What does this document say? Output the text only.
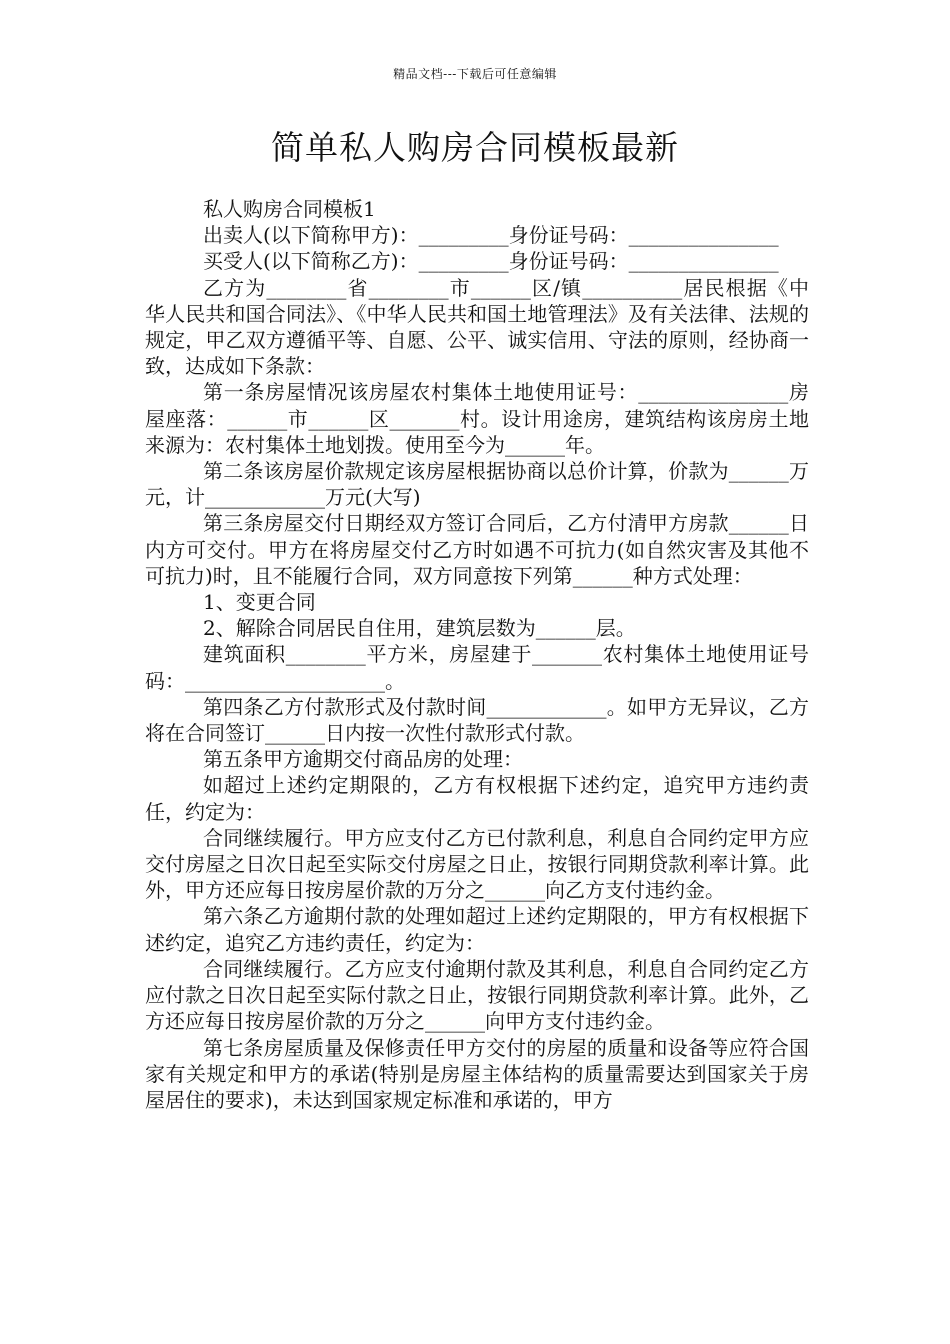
精品文档---下载后可任意编辑
简单私人购房合同模板最新

私人购房合同模板1

出卖人(以下简称甲方)：_________身份证号码：_______________

买受人(以下简称乙方)：_________身份证号码：_______________

乙方为________省________市______区/镇__________居民根据《中华人民共和国合同法》、《中华人民共和国土地管理法》及有关法律、法规的规定，甲乙双方遵循平等、自愿、公平、诚实信用、守法的原则，经协商一致，达成如下条款：

第一条房屋情况该房屋农村集体土地使用证号：_______________房屋座落：______市______区_______村。设计用途房，建筑结构该房房土地来源为：农村集体土地划拨。使用至今为______年。

第二条该房屋价款规定该房屋根据协商以总价计算，价款为______万元，计____________万元(大写)

第三条房屋交付日期经双方签订合同后，乙方付清甲方房款______日内方可交付。甲方在将房屋交付乙方时如遇不可抗力(如自然灾害及其他不可抗力)时，且不能履行合同，双方同意按下列第______种方式处理：

1、变更合同

2、解除合同居民自住用，建筑层数为______层。

建筑面积________平方米，房屋建于_______农村集体土地使用证号码：____________________。

第四条乙方付款形式及付款时间____________。如甲方无异议，乙方将在合同签订______日内按一次性付款形式付款。

第五条甲方逾期交付商品房的处理：

如超过上述约定期限的，乙方有权根据下述约定，追究甲方违约责任，约定为：

合同继续履行。甲方应支付乙方已付款利息，利息自合同约定甲方应交付房屋之日次日起至实际交付房屋之日止，按银行同期贷款利率计算。此外，甲方还应每日按房屋价款的万分之______向乙方支付违约金。

第六条乙方逾期付款的处理如超过上述约定期限的，甲方有权根据下述约定，追究乙方违约责任，约定为：

合同继续履行。乙方应支付逾期付款及其利息，利息自合同约定乙方应付款之日次日起至实际付款之日止，按银行同期贷款利率计算。此外，乙方还应每日按房屋价款的万分之______向甲方支付违约金。

第七条房屋质量及保修责任甲方交付的房屋的质量和设备等应符合国家有关规定和甲方的承诺(特别是房屋主体结构的质量需要达到国家关于房屋居住的要求)，未达到国家规定标准和承诺的，甲方
